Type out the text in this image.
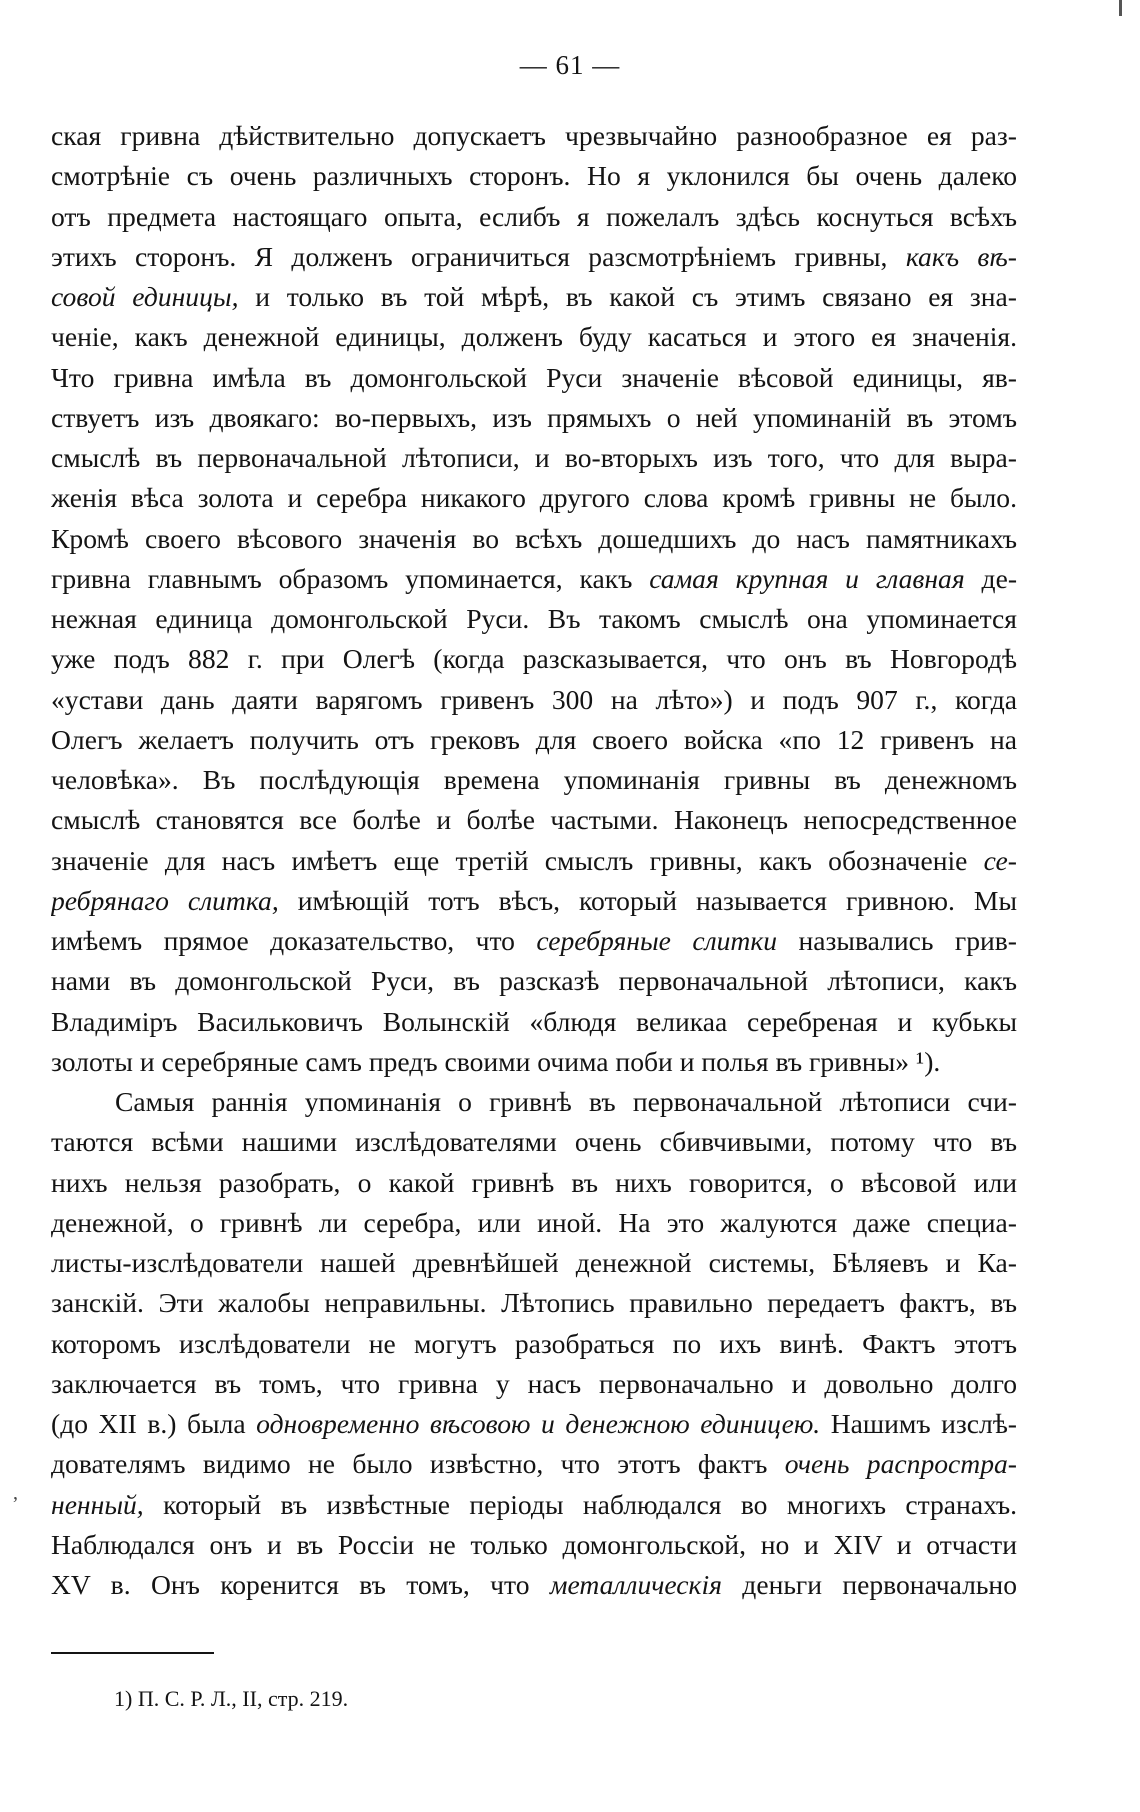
— 61 —
ская гривна дѣйствительно допускаетъ чрезвычайно разнообразное ея раз-
смотрѣніе съ очень различныхъ сторонъ. Но я уклонился бы очень далеко
отъ предмета настоящаго опыта, еслибъ я пожелалъ здѣсь коснуться всѣхъ
этихъ сторонъ. Я долженъ ограничиться разсмотрѣніемъ гривны, какъ вѣ-
совой единицы, и только въ той мѣрѣ, въ какой съ этимъ связано ея зна-
ченіе, какъ денежной единицы, долженъ буду касаться и этого ея значенія.
Что гривна имѣла въ домонгольской Руси значеніе вѣсовой единицы, яв-
ствуетъ изъ двоякаго: во-первыхъ, изъ прямыхъ о ней упоминаній въ этомъ
смыслѣ въ первоначальной лѣтописи, и во-вторыхъ изъ того, что для выра-
женія вѣса золота и серебра никакого другого слова кромѣ гривны не было.
Кромѣ своего вѣсового значенія во всѣхъ дошедшихъ до насъ памятникахъ
гривна главнымъ образомъ упоминается, какъ самая крупная и главная де-
нежная единица домонгольской Руси. Въ такомъ смыслѣ она упоминается
уже подъ 882 г. при Олегѣ (когда разсказывается, что онъ въ Новгородѣ
«устави дань даяти варягомъ гривенъ 300 на лѣто») и подъ 907 г., когда
Олегъ желаетъ получить отъ грековъ для своего войска «по 12 гривенъ на
человѣка». Въ послѣдующія времена упоминанія гривны въ денежномъ
смыслѣ становятся все болѣе и болѣе частыми. Наконецъ непосредственное
значеніе для насъ имѣетъ еще третій смыслъ гривны, какъ обозначеніе се-
ребрянаго слитка, имѣющій тотъ вѣсъ, который называется гривною. Мы
имѣемъ прямое доказательство, что серебряные слитки назывались грив-
нами въ домонгольской Руси, въ разсказѣ первоначальной лѣтописи, какъ
Владиміръ Васильковичъ Волынскій «блюдя великаа серебреная и кубькы
золоты и серебряные самъ предъ своими очима поби и полья въ гривны» ¹).
Самыя раннія упоминанія о гривнѣ въ первоначальной лѣтописи счи-
таются всѣми нашими изслѣдователями очень сбивчивыми, потому что въ
нихъ нельзя разобрать, о какой гривнѣ въ нихъ говорится, о вѣсовой или
денежной, о гривнѣ ли серебра, или иной. На это жалуются даже специа-
листы-изслѣдователи нашей древнѣйшей денежной системы, Бѣляевъ и Ка-
занскій. Эти жалобы неправильны. Лѣтопись правильно передаетъ фактъ, въ
которомъ изслѣдователи не могутъ разобраться по ихъ винѣ. Фактъ этотъ
заключается въ томъ, что гривна у насъ первоначально и довольно долго
(до XII в.) была одновременно вѣсовою и денежною единицею. Нашимъ изслѣ-
дователямъ видимо не было извѣстно, что этотъ фактъ очень распростра-
ненный, который въ извѣстные періоды наблюдался во многихъ странахъ.
Наблюдался онъ и въ Россіи не только домонгольской, но и XIV и отчасти
XV в. Онъ коренится въ томъ, что металлическія деньги первоначально
‚
1) П. С. Р. Л., II, стр. 219.
